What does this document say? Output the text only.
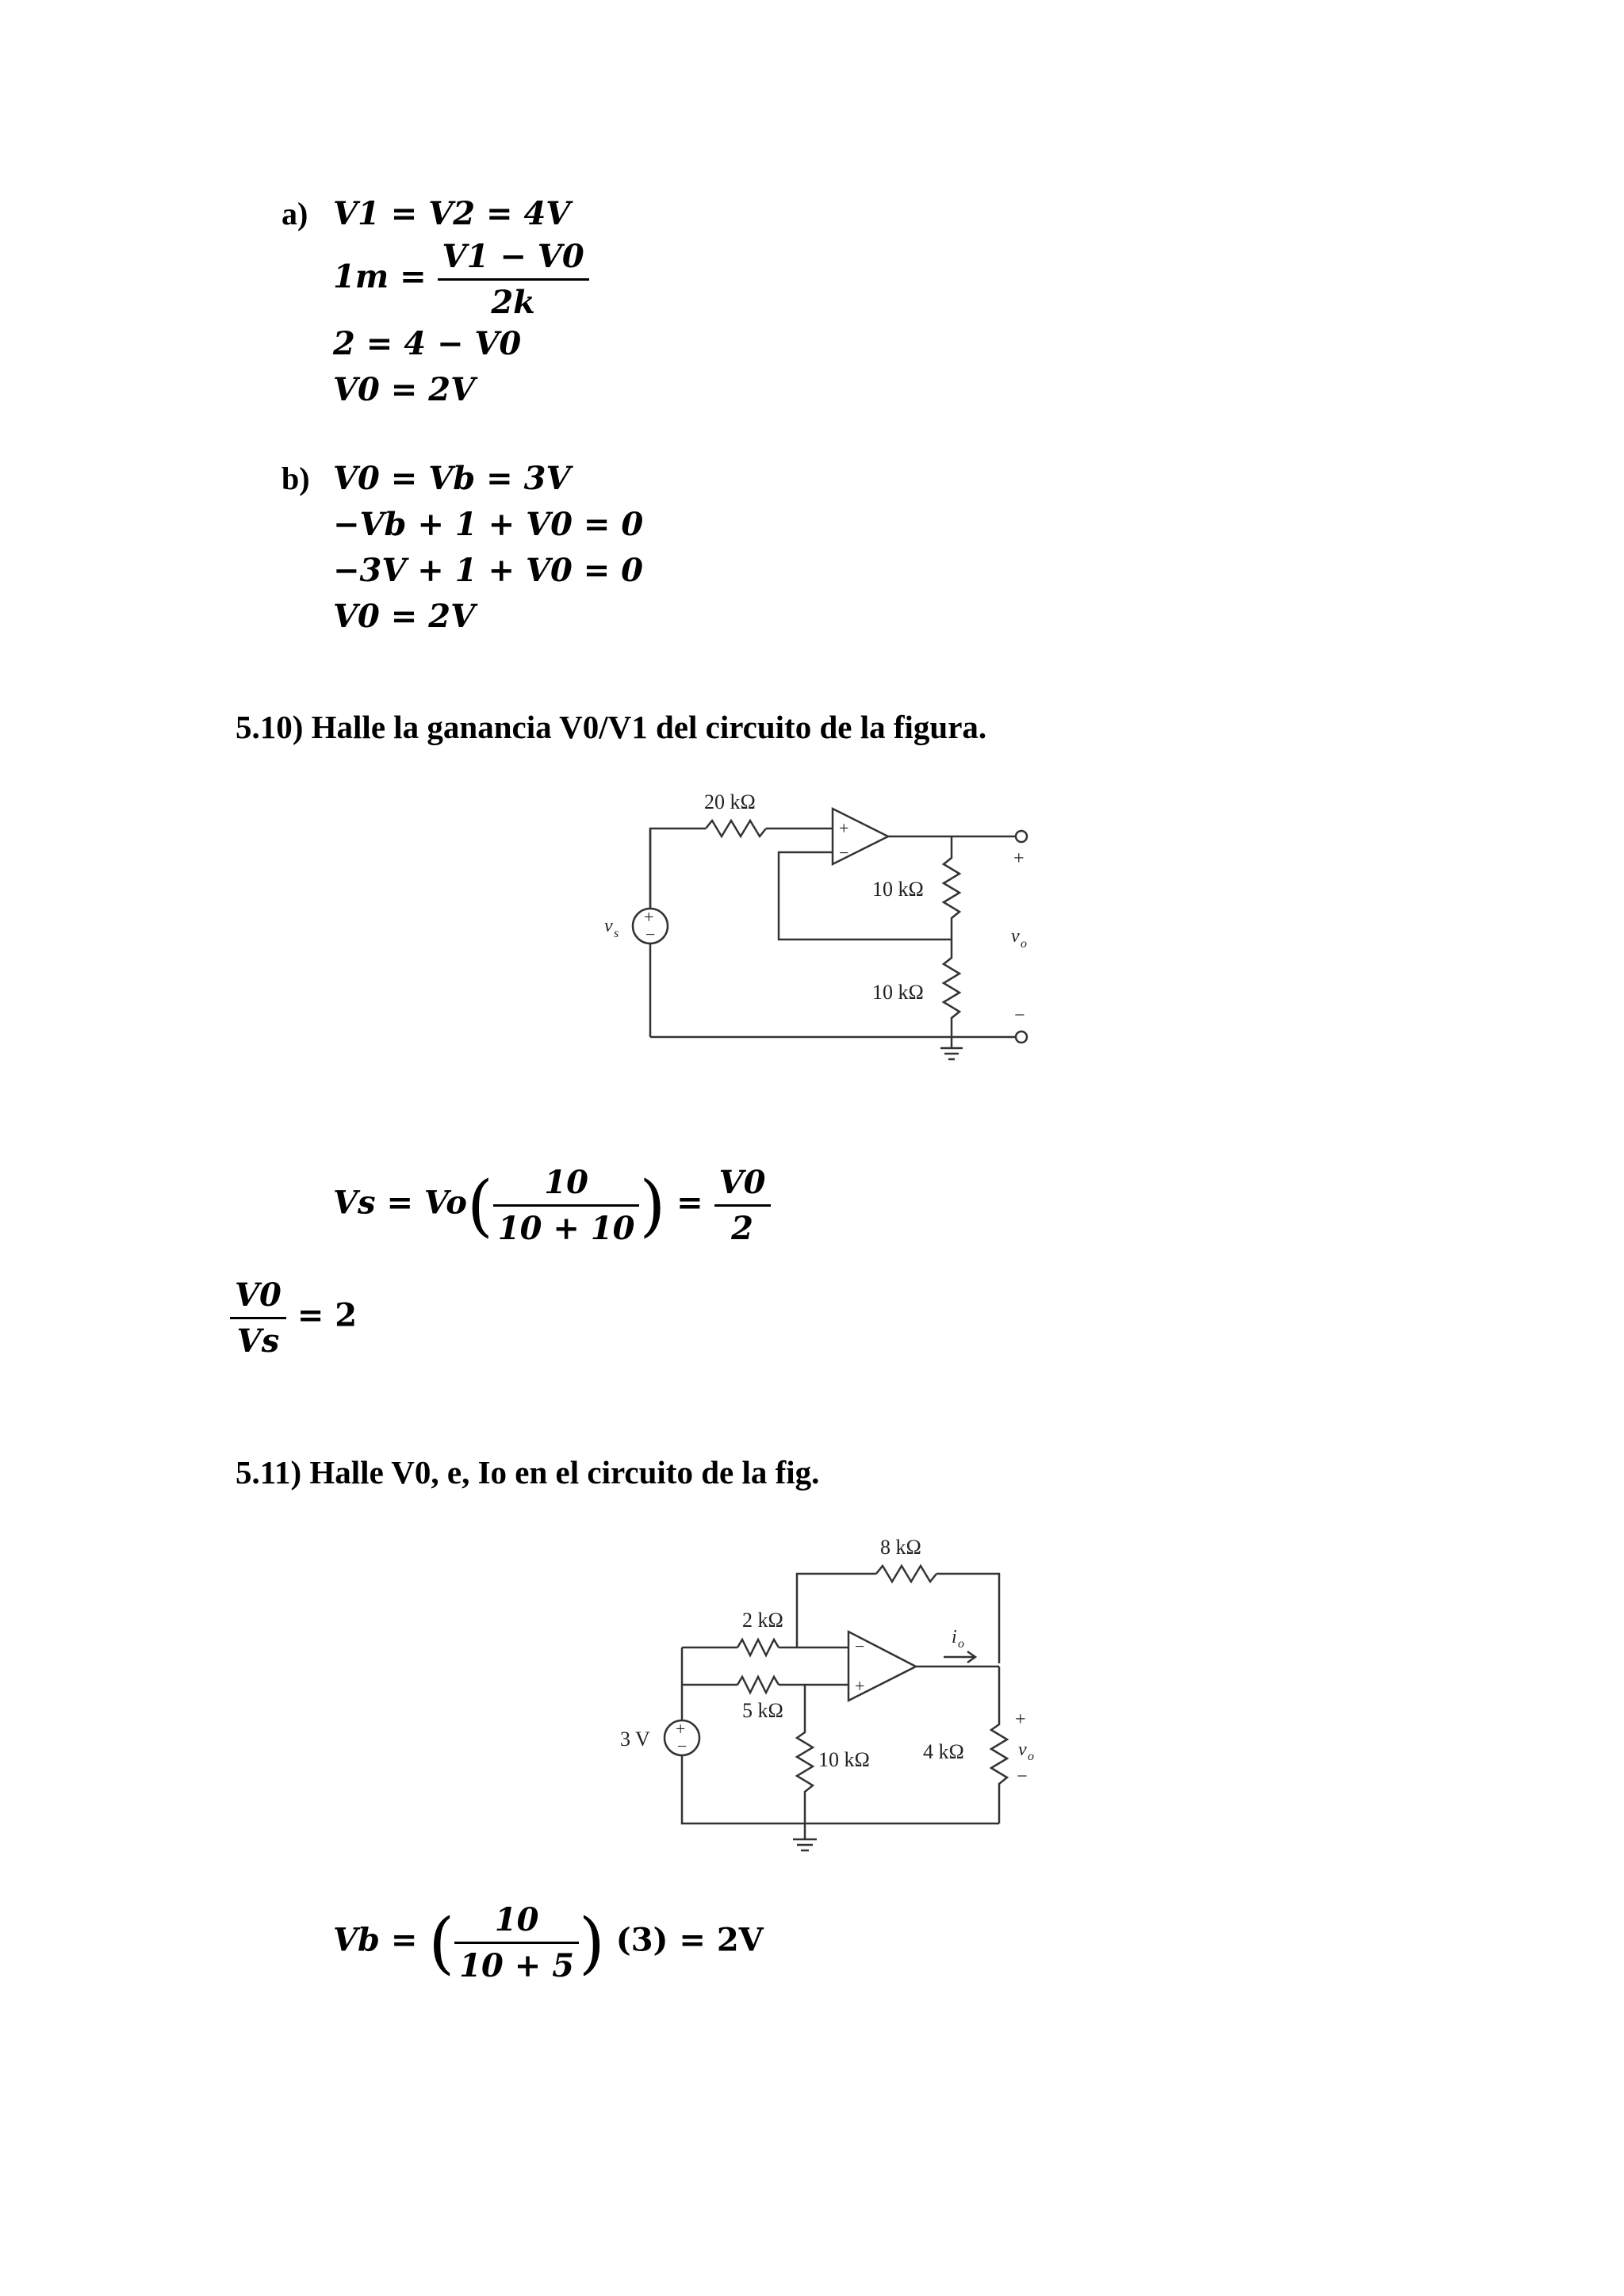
a) V1 = V2 = 4V
$1m = \frac{V1 - V0}{2k}$
2 = 4 − V0
V0 = 2V
b) V0 = Vb = 3V
−Vb + 1 + V0 = 0
−3V + 1 + V0 = 0
V0 = 2V
5.10) Halle la ganancia V0/V1 del circuito de la figura.
+
−
+
−
20 kΩ
10 kΩ
10 kΩ
v s
+
v o
−
$Vs = Vo( \frac{10}{10 + 10}$ ) = $\frac{V0}{2}$
$\frac{V0}{Vs} = 2$
5.11) Halle V0, e, Io en el circuito de la fig.
+
−
−
+
8 kΩ
2 kΩ
5 kΩ
10 kΩ	4 kΩ
3 V
i o
+
v o
−
Vb = ( $\frac{10}{10 + 5}$ ) (3) = 2V
